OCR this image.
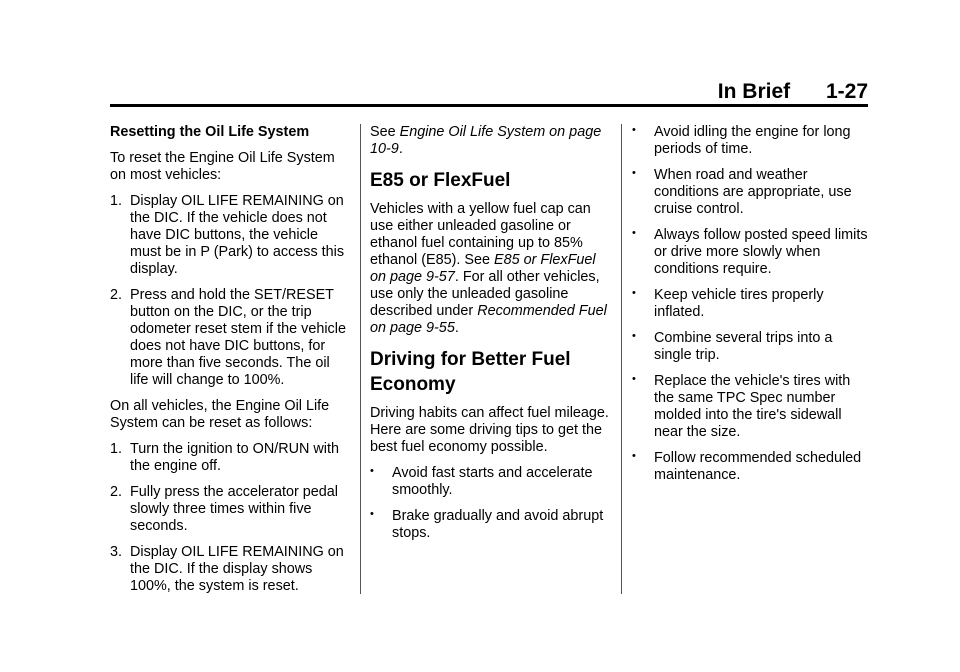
In Brief 1-27

Resetting the Oil Life System

To reset the Engine Oil Life System on most vehicles:

1. Display OIL LIFE REMAINING on the DIC. If the vehicle does not have DIC buttons, the vehicle must be in P (Park) to access this display.
2. Press and hold the SET/RESET button on the DIC, or the trip odometer reset stem if the vehicle does not have DIC buttons, for more than five seconds. The oil life will change to 100%.

On all vehicles, the Engine Oil Life System can be reset as follows:

1. Turn the ignition to ON/RUN with the engine off.
2. Fully press the accelerator pedal slowly three times within five seconds.
3. Display OIL LIFE REMAINING on the DIC. If the display shows 100%, the system is reset.

See Engine Oil Life System on page 10-9.

E85 or FlexFuel

Vehicles with a yellow fuel cap can use either unleaded gasoline or ethanol fuel containing up to 85% ethanol (E85). See E85 or FlexFuel on page 9-57. For all other vehicles, use only the unleaded gasoline described under Recommended Fuel on page 9-55.

Driving for Better Fuel Economy

Driving habits can affect fuel mileage. Here are some driving tips to get the best fuel economy possible.

•	Avoid fast starts and accelerate smoothly.
•	Brake gradually and avoid abrupt stops.
•	Avoid idling the engine for long periods of time.
•	When road and weather conditions are appropriate, use cruise control.
•	Always follow posted speed limits or drive more slowly when conditions require.
•	Keep vehicle tires properly inflated.
•	Combine several trips into a single trip.
•	Replace the vehicle's tires with the same TPC Spec number molded into the tire's sidewall near the size.
•	Follow recommended scheduled maintenance.
